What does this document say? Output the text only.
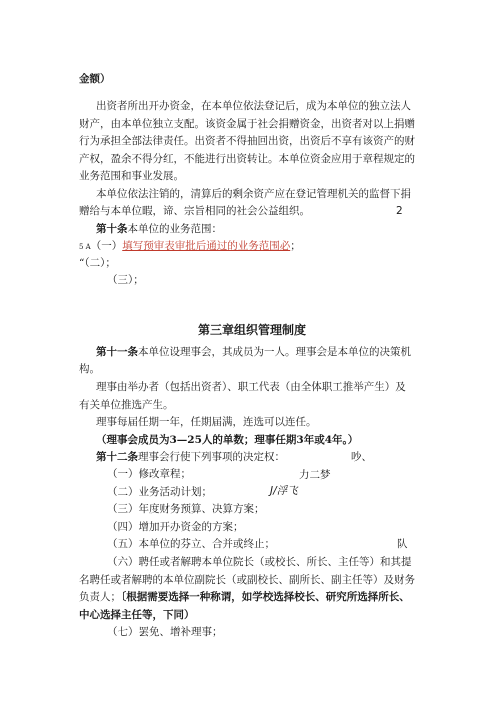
金额）
出资者所出开办资金，在本单位依法登记后，成为本单位的独立法人
财产，由本单位独立支配。该资金属于社会捐赠资金，出资者对以上捐赠
行为承担全部法律责任。出资者不得抽回出资，出资后不享有该资产的财
产权，盈余不得分红，不能进行出资转让。本单位资金应用于章程规定的
业务范围和事业发展。
本单位依法注销的，清算后的剩余资产应在登记管理机关的监督下捐
赠给与本单位暇，谛、宗旨相同的社会公益组织。	2
第十条本单位的业务范围：
5 A（一）填写预审表审批后通过的业务范围必；
“（二）；
（三）；
第三章组织管理制度
第十一条本单位设理事会，其成员为一人。理事会是本单位的决策机
构。
理事由举办者（包括出资者）、职工代表（由全体职工推举产生）及
有关单位推选产生。
理事每届任期一年，任期届满，连选可以连任。
（理事会成员为3—25人的单数；理事任期3年或4年。）
第十二条理事会行使下列事项的决定权：	吵、
（一）修改章程；	力二梦
（二）业务活动计划；	J/浮飞
（三）年度财务预算、决算方案；
（四）增加开办资金的方案；
（五）本单位的芬立、合并或终止；	队
（六）聘任或者解聘本单位院长（或校长、所长、主任等）和其提
名聘任或者解聘的本单位副院长（或副校长、副所长、副主任等）及财务
负责人；〔根据需要选择一种称谓，如学校选择校长、研究所选择所长、
中心选择主任等，下同）
（七）罢免、增补理事；
